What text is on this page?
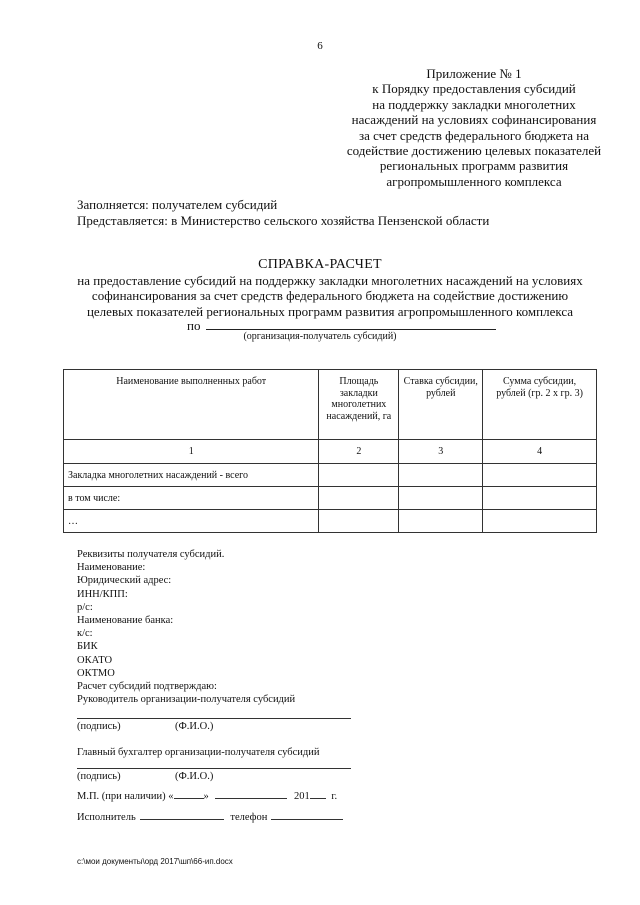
6
Приложение № 1
к Порядку предоставления субсидий
на поддержку закладки многолетних
насаждений на условиях софинансирования
за счет средств федерального бюджета на
содействие достижению целевых показателей
региональных программ развития
агропромышленного комплекса
Заполняется: получателем субсидий
Представляется: в Министерство сельского хозяйства Пензенской области
СПРАВКА-РАСЧЕТ
на предоставление субсидий на поддержку закладки многолетних насаждений на условиях
софинансирования за счет средств федерального бюджета на содействие достижению
целевых показателей региональных программ развития агропромышленного комплекса
по
(организация-получатель субсидий)
Наименование выполненных работ	Площадь закладки многолетних насаждений, га	Ставка субсидии, рублей	Сумма субсидии, рублей (гр. 2 х гр. 3)
1	2	3	4
Закладка многолетних насаждений - всего			
в том числе:			
…			
Реквизиты получателя субсидий.
Наименование:
Юридический адрес:
ИНН/КПП:
р/с:
Наименование банка:
к/с:
БИК
ОКАТО
ОКТМО
Расчет субсидий подтверждаю:
Руководитель организации-получателя субсидий
(подпись)	(Ф.И.О.)
Главный бухгалтер организации-получателя субсидий
(подпись)	(Ф.И.О.)
М.П. (при наличии) «	»	201 г.
Исполнитель	телефон
c:\мои документы\орд 2017\шп\66-ип.docx
